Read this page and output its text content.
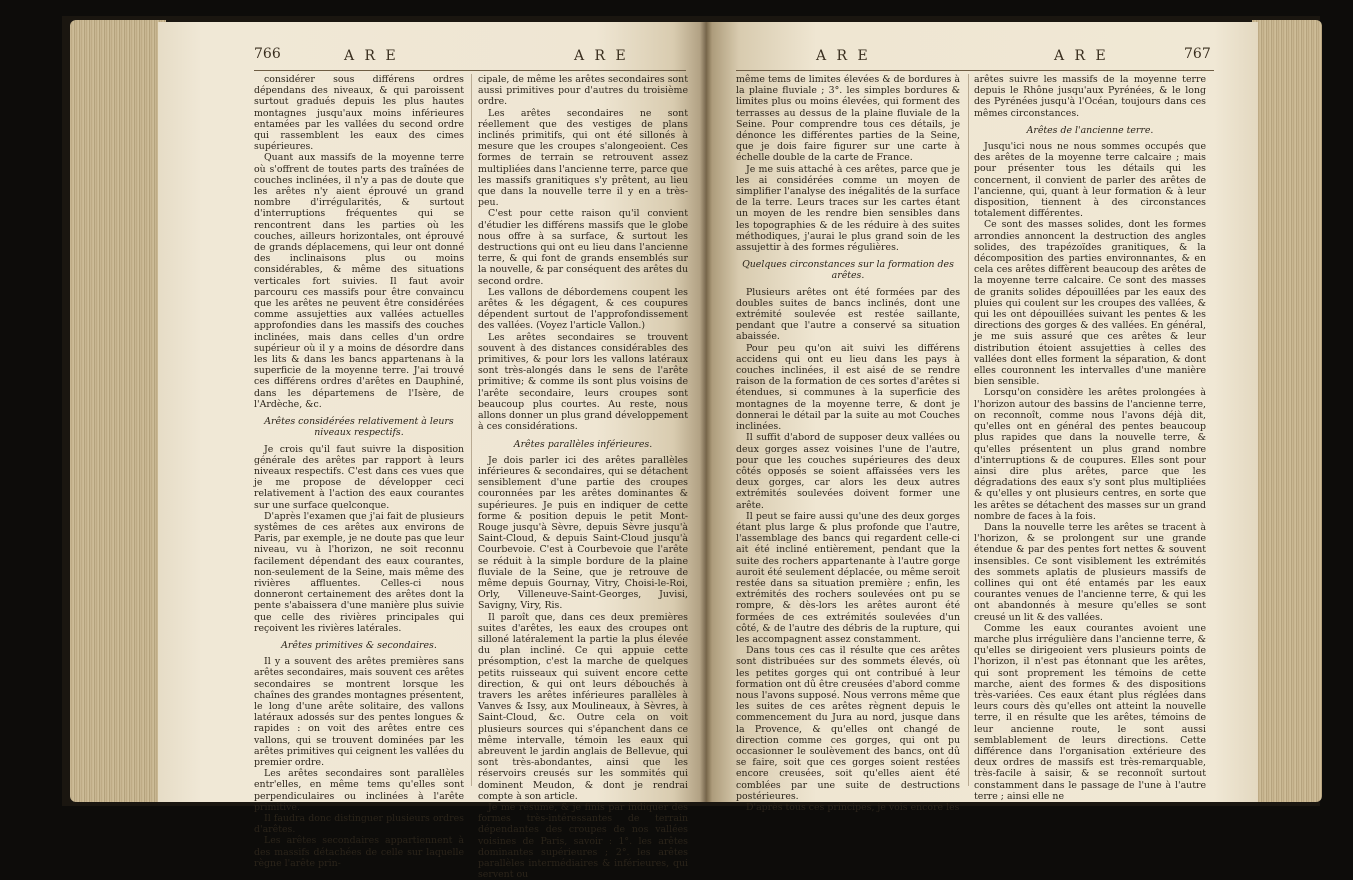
766	A R E	A R E

considérer sous différens ordres dépendans des niveaux, & qui paroissent surtout gradués depuis les plus hautes montagnes jusqu'aux moins inférieures entamées par les vallées du second ordre qui rassemblent les eaux des cimes supérieures.

Quant aux massifs de la moyenne terre où s'offrent de toutes parts des traînées de couches inclinées, il n'y a pas de doute que les arêtes n'y aient éprouvé un grand nombre d'irrégularités, & surtout d'interruptions fréquentes qui se rencontrent dans les parties où les couches, ailleurs horizontales, ont éprouvé de grands déplacemens, qui leur ont donné des inclinaisons plus ou moins considérables, & même des situations verticales fort suivies. Il faut avoir parcouru ces massifs pour être convaincu que les arêtes ne peuvent être considérées comme assujetties aux vallées actuelles approfondies dans les massifs des couches inclinées, mais dans celles d'un ordre supérieur où il y a moins de désordre dans les lits & dans les bancs appartenans à la superficie de la moyenne terre. J'ai trouvé ces différens ordres d'arêtes en Dauphiné, dans les départemens de l'Isère, de l'Ardèche, &c.

Arêtes considérées relativement à leurs niveaux respectifs.

Je crois qu'il faut suivre la disposition générale des arêtes par rapport à leurs niveaux respectifs. C'est dans ces vues que je me propose de développer ceci relativement à l'action des eaux courantes sur une surface quelconque.

D'après l'examen que j'ai fait de plusieurs systêmes de ces arêtes aux environs de Paris, par exemple, je ne doute pas que leur niveau, vu à l'horizon, ne soit reconnu facilement dépendant des eaux courantes, non-seulement de la Seine, mais même des rivières affluentes. Celles-ci nous donneront certainement des arêtes dont la pente s'abaissera d'une manière plus suivie que celle des rivières principales qui reçoivent les rivières latérales.

Arêtes primitives & secondaires.

Il y a souvent des arêtes premières sans arêtes secondaires, mais souvent ces arêtes secondaires se montrent lorsque les chaînes des grandes montagnes présentent, le long d'une arête solitaire, des vallons latéraux adossés sur des pentes longues & rapides : on voit des arêtes entre ces vallons, qui se trouvent dominées par les arêtes primitives qui ceignent les vallées du premier ordre.

Les arêtes secondaires sont parallèles entr'elles, en même tems qu'elles sont perpendiculaires ou inclinées à l'arête primitive.

Il faudra donc distinguer plusieurs ordres d'arêtes.

Les arêtes secondaires appartiennent à des massifs détachées de celle sur laquelle règne l'arête prin-

cipale, de même les arêtes secondaires sont aussi primitives pour d'autres du troisième ordre.

Les arêtes secondaires ne sont réellement que des vestiges de plans inclinés primitifs, qui ont été sillonés à mesure que les croupes s'alongeoient. Ces formes de terrain se retrouvent assez multipliées dans l'ancienne terre, parce que les massifs granitiques s'y prêtent, au lieu que dans la nouvelle terre il y en a très-peu.

C'est pour cette raison qu'il convient d'étudier les différens massifs que le globe nous offre à sa surface, & surtout les destructions qui ont eu lieu dans l'ancienne terre, & qui font de grands ensemblés sur la nouvelle, & par conséquent des arêtes du second ordre.

Les vallons de débordemens coupent les arêtes & les dégagent, & ces coupures dépendent surtout de l'approfondissement des vallées. (Voyez l'article Vallon.)

Les arêtes secondaires se trouvent souvent à des distances considérables des primitives, & pour lors les vallons latéraux sont très-alongés dans le sens de l'arête primitive; & comme ils sont plus voisins de l'arête secondaire, leurs croupes sont beaucoup plus courtes. Au reste, nous allons donner un plus grand développement à ces considérations.

Arêtes parallèles inférieures.

Je dois parler ici des arêtes parallèles inférieures & secondaires, qui se détachent sensiblement d'une partie des croupes couronnées par les arêtes dominantes & supérieures. Je puis en indiquer de cette forme & position depuis le petit Mont-Rouge jusqu'à Sèvre, depuis Sèvre jusqu'à Saint-Cloud, & depuis Saint-Cloud jusqu'à Courbevoie. C'est à Courbevoie que l'arête se réduit à la simple bordure de la plaine fluviale de la Seine, que je retrouve de même depuis Gournay, Vitry, Choisi-le-Roi, Orly, Villeneuve-Saint-Georges, Juvisi, Savigny, Viry, Ris.

Il paroît que, dans ces deux premières suites d'arêtes, les eaux des croupes ont silloné latéralement la partie la plus élevée du plan incliné. Ce qui appuie cette présomption, c'est la marche de quelques petits ruisseaux qui suivent encore cette direction, & qui ont leurs débouchés à travers les arêtes inférieures parallèles à Vanves & Issy, aux Moulineaux, à Sèvres, à Saint-Cloud, &c. Outre cela on voit plusieurs sources qui s'épanchent dans ce même intervalle, témoin les eaux qui abreuvent le jardin anglais de Bellevue, qui sont très-abondantes, ainsi que les réservoirs creusés sur les sommités qui dominent Meudon, & dont je rendrai compte à son article.

Je me résume, & je finis par indiquer des formes très-intéressantes de terrain dépendantes des croupes de nos vallées voisines de Paris, savoir : 1°. les arêtes dominantes supérieures ; 2°. les arêtes parallèles intermédiaires & inférieures, qui servent ou

A R E	A R E	767

même tems de limites élevées & de bordures à la plaine fluviale ; 3°. les simples bordures & limites plus ou moins élevées, qui forment des terrasses au dessus de la plaine fluviale de la Seine. Pour comprendre tous ces détails, je dénonce les différentes parties de la Seine, que je dois faire figurer sur une carte à échelle double de la carte de France.

Je me suis attaché à ces arêtes, parce que je les ai considérées comme un moyen de simplifier l'analyse des inégalités de la surface de la terre. Leurs traces sur les cartes étant un moyen de les rendre bien sensibles dans les topographies & de les réduire à des suites méthodiques, j'aurai le plus grand soin de les assujettir à des formes régulières.

Quelques circonstances sur la formation des arêtes.

Plusieurs arêtes ont été formées par des doubles suites de bancs inclinés, dont une extrémité soulevée est restée saillante, pendant que l'autre a conservé sa situation abaissée.

Pour peu qu'on ait suivi les différens accidens qui ont eu lieu dans les pays à couches inclinées, il est aisé de se rendre raison de la formation de ces sortes d'arêtes si étendues, si communes à la superficie des montagnes de la moyenne terre, & dont je donnerai le détail par la suite au mot Couches inclinées.

Il suffit d'abord de supposer deux vallées ou deux gorges assez voisines l'une de l'autre, pour que les couches supérieures des deux côtés opposés se soient affaissées vers les deux gorges, car alors les deux autres extrémités soulevées doivent former une arête.

Il peut se faire aussi qu'une des deux gorges étant plus large & plus profonde que l'autre, l'assemblage des bancs qui regardent celle-ci ait été incliné entièrement, pendant que la suite des rochers appartenante à l'autre gorge auroit été seulement déplacée, ou même seroit restée dans sa situation première ; enfin, les extrémités des rochers soulevées ont pu se rompre, & dès-lors les arêtes auront été formées de ces extrémités soulevées d'un côté, & de l'autre des débris de la rupture, qui les accompagnent assez constamment.

Dans tous ces cas il résulte que ces arêtes sont distribuées sur des sommets élevés, où les petites gorges qui ont contribué à leur formation ont dû être creusées d'abord comme nous l'avons supposé. Nous verrons même que les suites de ces arêtes règnent depuis le commencement du Jura au nord, jusque dans la Provence, & qu'elles ont changé de direction comme ces gorges, qui ont pu occasionner le soulèvement des bancs, ont dû se faire, soit que ces gorges soient restées encore creusées, soit qu'elles aient été comblées par une suite de destructions postérieures.

D'après tous ces principes, je vois encore les

arêtes suivre les massifs de la moyenne terre depuis le Rhône jusqu'aux Pyrénées, & le long des Pyrénées jusqu'à l'Océan, toujours dans ces mêmes circonstances.

Arêtes de l'ancienne terre.

Jusqu'ici nous ne nous sommes occupés que des arêtes de la moyenne terre calcaire ; mais pour présenter tous les détails qui les concernent, il convient de parler des arêtes de l'ancienne, qui, quant à leur formation & à leur disposition, tiennent à des circonstances totalement différentes.

Ce sont des masses solides, dont les formes arrondies annoncent la destruction des angles solides, des trapézoïdes granitiques, & la décomposition des parties environnantes, & en cela ces arêtes diffèrent beaucoup des arêtes de la moyenne terre calcaire. Ce sont des masses de granits solides dépouillées par les eaux des pluies qui coulent sur les croupes des vallées, & qui les ont dépouillées suivant les pentes & les directions des gorges & des vallées. En général, je me suis assuré que ces arêtes & leur distribution étoient assujetties à celles des vallées dont elles forment la séparation, & dont elles couronnent les intervalles d'une manière bien sensible.

Lorsqu'on considère les arêtes prolongées à l'horizon autour des bassins de l'ancienne terre, on reconnoît, comme nous l'avons déjà dit, qu'elles ont en général des pentes beaucoup plus rapides que dans la nouvelle terre, & qu'elles présentent un plus grand nombre d'interruptions & de coupures. Elles sont pour ainsi dire plus arêtes, parce que les dégradations des eaux s'y sont plus multipliées & qu'elles y ont plusieurs centres, en sorte que les arêtes se détachent des masses sur un grand nombre de faces à la fois.

Dans la nouvelle terre les arêtes se tracent à l'horizon, & se prolongent sur une grande étendue & par des pentes fort nettes & souvent insensibles. Ce sont visiblement les extrémités des sommets aplatis de plusieurs massifs de collines qui ont été entamés par les eaux courantes venues de l'ancienne terre, & qui les ont abandonnés à mesure qu'elles se sont creusé un lit & des vallées.

Comme les eaux courantes avoient une marche plus irrégulière dans l'ancienne terre, & qu'elles se dirigeoient vers plusieurs points de l'horizon, il n'est pas étonnant que les arêtes, qui sont proprement les témoins de cette marche, aient des formes & des dispositions très-variées. Ces eaux étant plus réglées dans leurs cours dès qu'elles ont atteint la nouvelle terre, il en résulte que les arêtes, témoins de leur ancienne route, le sont aussi semblablement de leurs directions. Cette différence dans l'organisation extérieure des deux ordres de massifs est très-remarquable, très-facile à saisir, & se reconnoît surtout constamment dans le passage de l'une à l'autre terre ; ainsi elle ne
